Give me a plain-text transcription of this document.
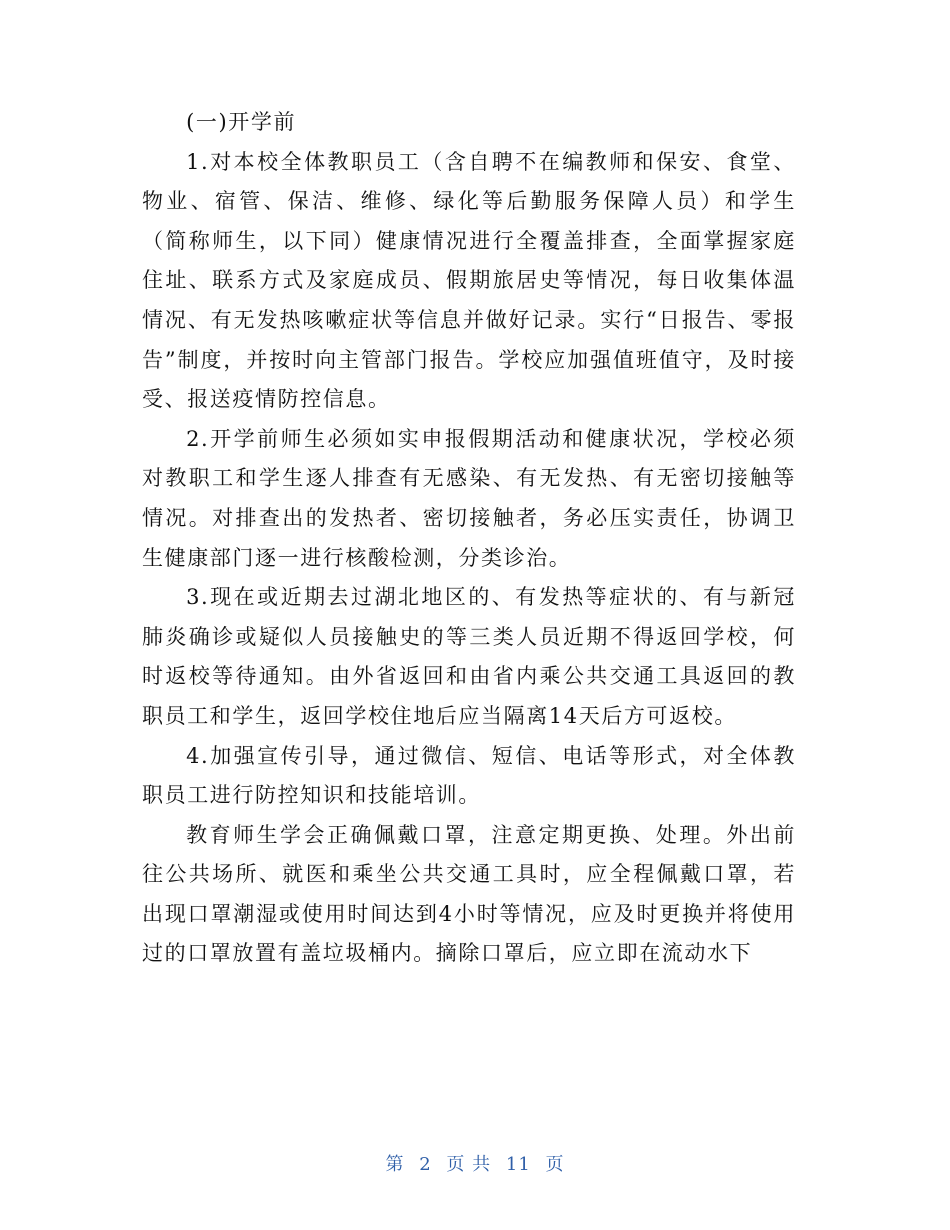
(一)开学前

1.对本校全体教职员工（含自聘不在编教师和保安、食堂、物业、宿管、保洁、维修、绿化等后勤服务保障人员）和学生（简称师生，以下同）健康情况进行全覆盖排查，全面掌握家庭住址、联系方式及家庭成员、假期旅居史等情况，每日收集体温情况、有无发热咳嗽症状等信息并做好记录。实行“日报告、零报告”制度，并按时向主管部门报告。学校应加强值班值守，及时接受、报送疫情防控信息。

2.开学前师生必须如实申报假期活动和健康状况，学校必须对教职工和学生逐人排查有无感染、有无发热、有无密切接触等情况。对排查出的发热者、密切接触者，务必压实责任，协调卫生健康部门逐一进行核酸检测，分类诊治。

3.现在或近期去过湖北地区的、有发热等症状的、有与新冠肺炎确诊或疑似人员接触史的等三类人员近期不得返回学校，何时返校等待通知。由外省返回和由省内乘公共交通工具返回的教职员工和学生，返回学校住地后应当隔离14天后方可返校。

4.加强宣传引导，通过微信、短信、电话等形式，对全体教职员工进行防控知识和技能培训。

教育师生学会正确佩戴口罩，注意定期更换、处理。外出前往公共场所、就医和乘坐公共交通工具时，应全程佩戴口罩，若出现口罩潮湿或使用时间达到4小时等情况，应及时更换并将使用过的口罩放置有盖垃圾桶内。摘除口罩后，应立即在流动水下

第 2 页 共 11 页
